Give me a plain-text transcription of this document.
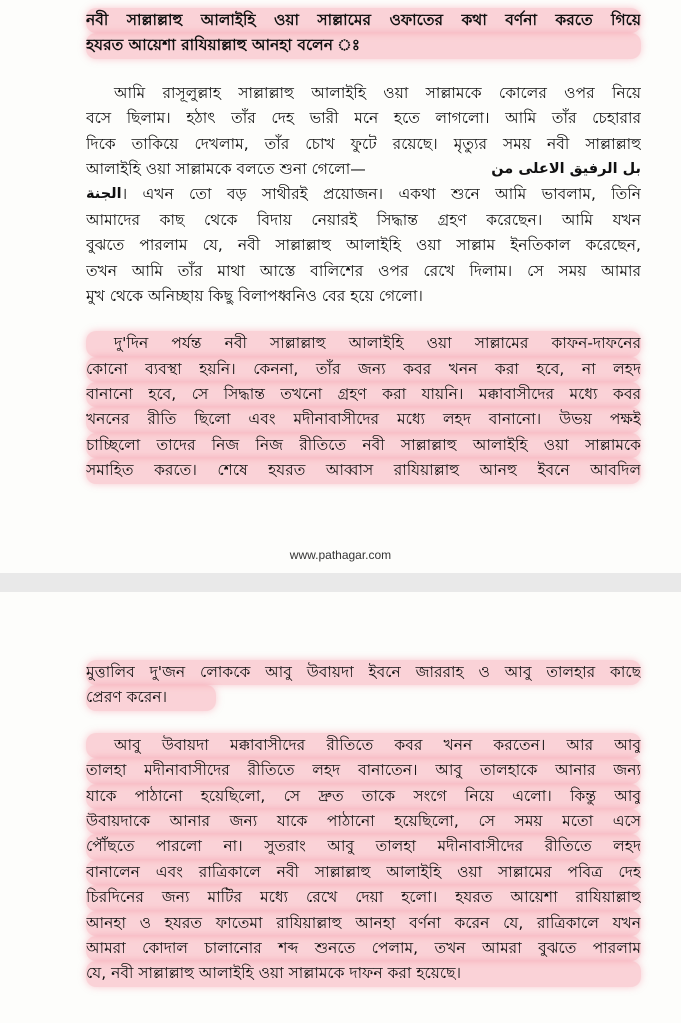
নবী সাল্লাল্লাহু আলাইহি ওয়া সাল্লামের ওফাতের কথা বর্ণনা করতে গিয়ে
হযরত আয়েশা রাযিয়াল্লাহু আনহা বলেন ঃ
আমি রাসূলুল্লাহ সাল্লাল্লাহু আলাইহি ওয়া সাল্লামকে কোলের ওপর নিয়ে
বসে ছিলাম। হঠাৎ তাঁর দেহ ভারী মনে হতে লাগলো। আমি তাঁর চেহারার
দিকে তাকিয়ে দেখলাম, তাঁর চোখ ফুটে রয়েছে। মৃত্যুর সময় নবী সাল্লাল্লাহু
আলাইহি ওয়া সাল্লামকে বলতে শুনা গেলো—	بل الرفيق الاعلى من
الجنة । এখন তো বড় সাথীরই প্রয়োজন। একথা শুনে আমি ভাবলাম, তিনি
আমাদের কাছ থেকে বিদায় নেয়ারই সিদ্ধান্ত গ্রহণ করেছেন। আমি যখন
বুঝতে পারলাম যে, নবী সাল্লাল্লাহু আলাইহি ওয়া সাল্লাম ইনতিকাল করেছেন,
তখন আমি তাঁর মাথা আস্তে বালিশের ওপর রেখে দিলাম। সে সময় আমার
মুখ থেকে অনিচ্ছায় কিছু বিলাপধ্বনিও বের হয়ে গেলো।
দু'দিন পর্যন্ত নবী সাল্লাল্লাহু আলাইহি ওয়া সাল্লামের কাফন-দাফনের
কোনো ব্যবস্থা হয়নি। কেননা, তাঁর জন্য কবর খনন করা হবে, না লহদ
বানানো হবে, সে সিদ্ধান্ত তখনো গ্রহণ করা যায়নি। মক্কাবাসীদের মধ্যে কবর
খননের রীতি ছিলো এবং মদীনাবাসীদের মধ্যে লহদ বানানো। উভয় পক্ষই
চাচ্ছিলো তাদের নিজ নিজ রীতিতে নবী সাল্লাল্লাহু আলাইহি ওয়া সাল্লামকে
সমাহিত করতে। শেষে হযরত আব্বাস রাযিয়াল্লাহু আনহু ইবনে আবদিল
www.pathagar.com
মুত্তালিব দু'জন লোককে আবু উবায়দা ইবনে জাররাহ ও আবু তালহার কাছে
প্রেরণ করেন।
আবু উবায়দা মক্কাবাসীদের রীতিতে কবর খনন করতেন। আর আবু
তালহা মদীনাবাসীদের রীতিতে লহদ বানাতেন। আবু তালহাকে আনার জন্য
যাকে পাঠানো হয়েছিলো, সে দ্রুত তাকে সংগে নিয়ে এলো। কিন্তু আবু
উবায়দাকে আনার জন্য যাকে পাঠানো হয়েছিলো, সে সময় মতো এসে
পৌঁছতে পারলো না। সুতরাং আবু তালহা মদীনাবাসীদের রীতিতে লহদ
বানালেন এবং রাত্রিকালে নবী সাল্লাল্লাহু আলাইহি ওয়া সাল্লামের পবিত্র দেহ
চিরদিনের জন্য মাটির মধ্যে রেখে দেয়া হলো। হযরত আয়েশা রাযিয়াল্লাহু
আনহা ও হযরত ফাতেমা রাযিয়াল্লাহু আনহা বর্ণনা করেন যে, রাত্রিকালে যখন
আমরা কোদাল চালানোর শব্দ শুনতে পেলাম, তখন আমরা বুঝতে পারলাম
যে, নবী সাল্লাল্লাহু আলাইহি ওয়া সাল্লামকে দাফন করা হয়েছে।
